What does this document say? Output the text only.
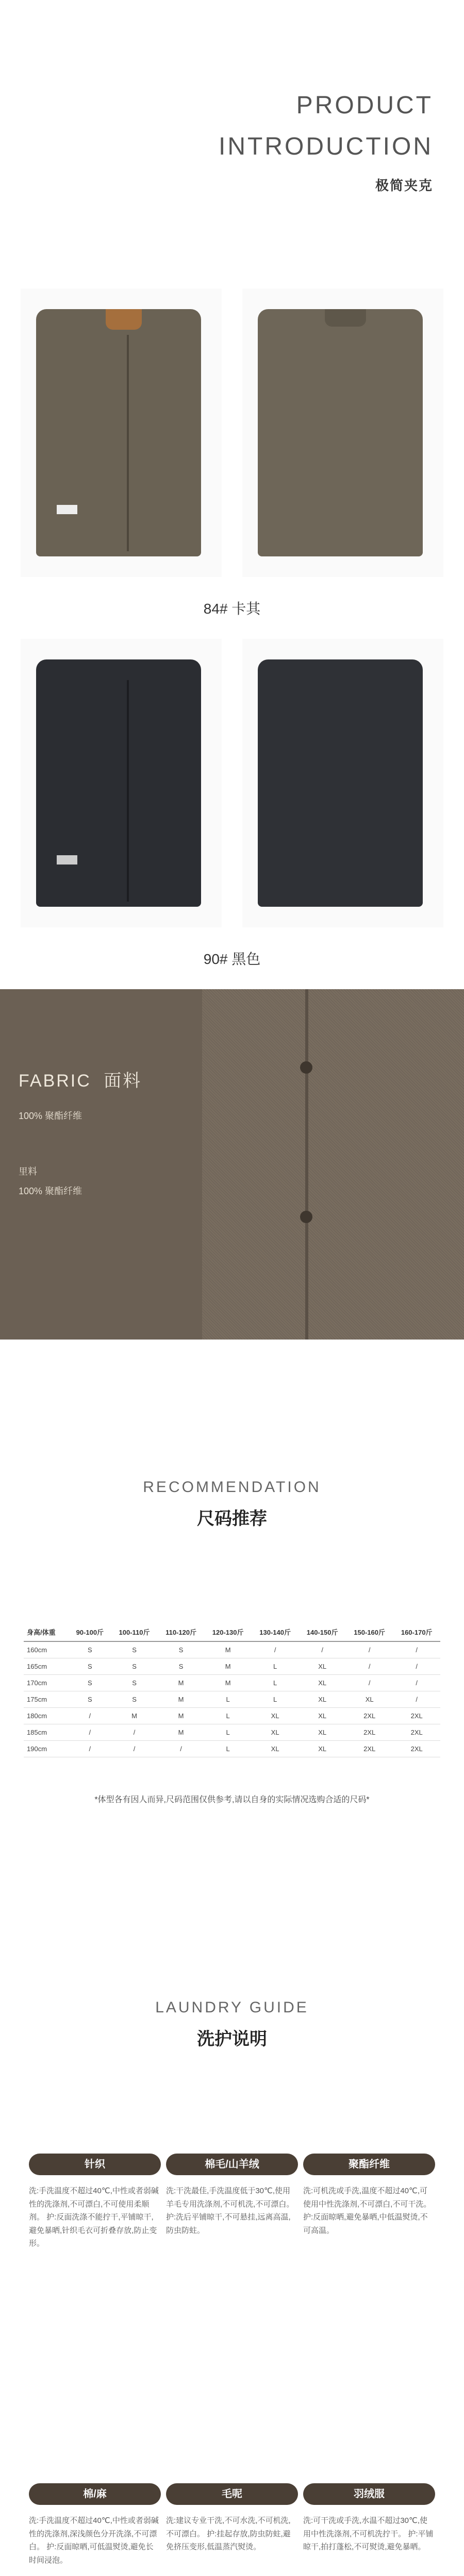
PRODUCT
INTRODUCTION
极简夹克
84# 卡其
90# 黑色
FABRIC 面料
100% 聚酯纤维
里料
100% 聚酯纤维
RECOMMENDATION
尺码推荐
身高/体重	90-100斤	100-110斤	110-120斤	120-130斤	130-140斤	140-150斤	150-160斤	160-170斤
160cm	S	S	S	M	/	/	/	/
165cm	S	S	S	M	L	XL	/	/
170cm	S	S	M	M	L	XL	/	/
175cm	S	S	M	L	L	XL	XL	/
180cm	/	M	M	L	XL	XL	2XL	2XL
185cm	/	/	M	L	XL	XL	2XL	2XL
190cm	/	/	/	L	XL	XL	2XL	2XL
*体型各有因人而异,尺码范围仅供参考,请以自身的实际情况选购合适的尺码*
LAUNDRY GUIDE
洗护说明
针织
洗:手洗温度不超过40℃,中性或者弱碱性的洗涤剂,不可漂白,不可使用柔顺剂。 护:反面洗涤不能拧干,平铺晾干,避免暴晒,针织毛衣可折叠存放,防止变形。
棉毛/山羊绒
洗:干洗最佳,手洗温度低于30℃,使用羊毛专用洗涤剂,不可机洗,不可漂白。 护:洗后平铺晾干,不可悬挂,远离高温,防虫防蛀。
聚酯纤维
洗:可机洗或手洗,温度不超过40℃,可使用中性洗涤剂,不可漂白,不可干洗。 护:反面晾晒,避免暴晒,中低温熨烫,不可高温。
棉/麻
洗:手洗温度不超过40℃,中性或者弱碱性的洗涤剂,深浅颜色分开洗涤,不可漂白。 护:反面晾晒,可低温熨烫,避免长时间浸泡。
毛呢
洗:建议专业干洗,不可水洗,不可机洗,不可漂白。 护:挂起存放,防虫防蛀,避免挤压变形,低温蒸汽熨烫。
羽绒服
洗:可干洗或手洗,水温不超过30℃,使用中性洗涤剂,不可机洗拧干。 护:平铺晾干,拍打蓬松,不可熨烫,避免暴晒。
